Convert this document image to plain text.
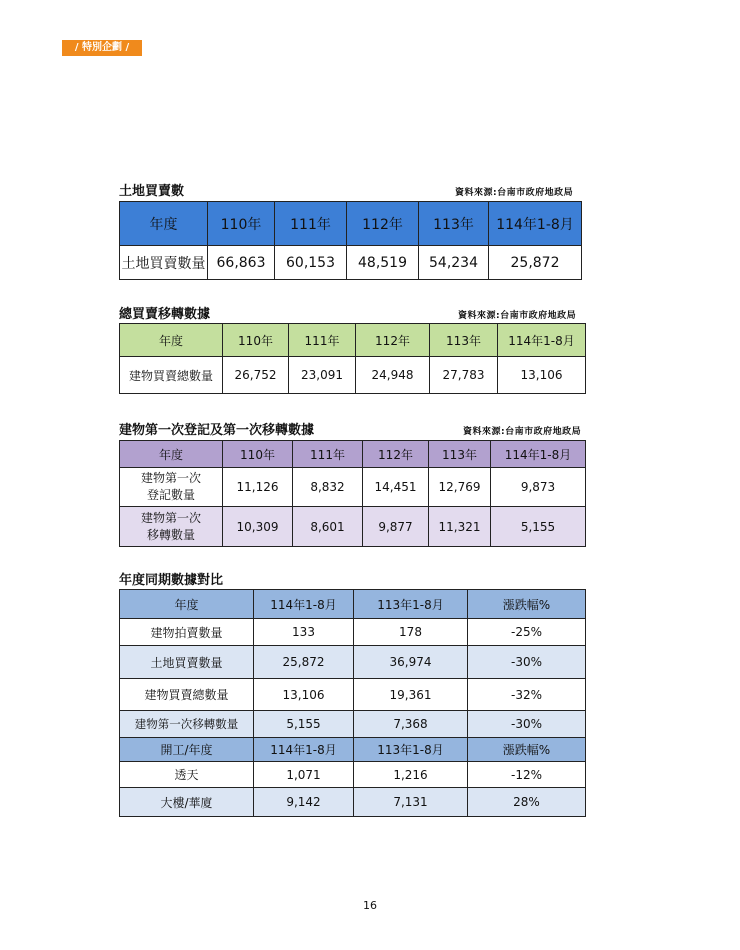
/ 特別企劃 /
土地買賣數	資料來源:台南市政府地政局
年度	110年	111年	112年	113年	114年1-8月
土地買賣數量	66,863	60,153	48,519	54,234	25,872
總買賣移轉數據	資料來源:台南市政府地政局
年度	110年	111年	112年	113年	114年1-8月
建物買賣總數量	26,752	23,091	24,948	27,783	13,106
建物第一次登記及第一次移轉數據	資料來源:台南市政府地政局
年度	110年	111年	112年	113年	114年1-8月
建物第一次
登記數量	11,126	8,832	14,451	12,769	9,873
建物第一次
移轉數量	10,309	8,601	9,877	11,321	5,155
年度同期數據對比
年度	114年1-8月	113年1-8月	漲跌幅%
建物拍賣數量	133	178	-25%
土地買賣數量	25,872	36,974	-30%
建物買賣總數量	13,106	19,361	-32%
建物第一次移轉數量	5,155	7,368	-30%
開工/年度	114年1-8月	113年1-8月	漲跌幅%
透天	1,071	1,216	-12%
大樓/華廈	9,142	7,131	28%
16
